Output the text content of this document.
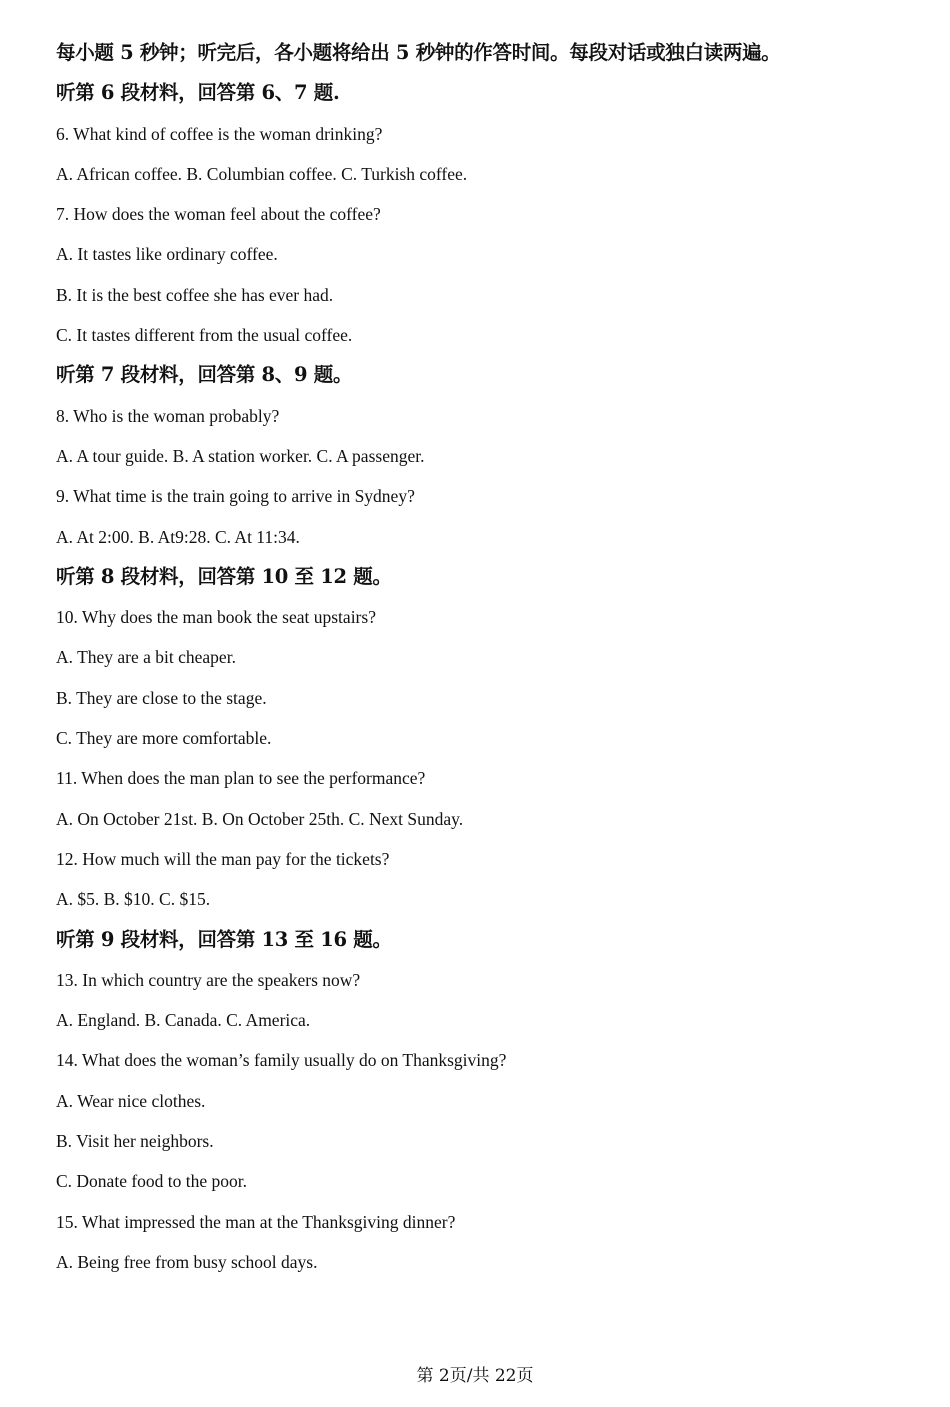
每小题 5 秒钟；听完后，各小题将给出 5 秒钟的作答时间。每段对话或独白读两遍。
听第 6 段材料，回答第 6、7 题.
6. What kind of coffee is the woman drinking?
A. African coffee. B. Columbian coffee. C. Turkish coffee.
7. How does the woman feel about the coffee?
A. It tastes like ordinary coffee.
B. It is the best coffee she has ever had.
C. It tastes different from the usual coffee.
听第 7 段材料，回答第 8、9 题。
8. Who is the woman probably?
A. A tour guide. B. A station worker. C. A passenger.
9. What time is the train going to arrive in Sydney?
A. At 2:00. B. At9:28. C. At 11:34.
听第 8 段材料，回答第 10 至 12 题。
10. Why does the man book the seat upstairs?
A. They are a bit cheaper.
B. They are close to the stage.
C. They are more comfortable.
11. When does the man plan to see the performance?
A. On October 21st. B. On October 25th. C. Next Sunday.
12. How much will the man pay for the tickets?
A. $5. B. $10. C. $15.
听第 9 段材料，回答第 13 至 16 题。
13. In which country are the speakers now?
A. England. B. Canada. C. America.
14. What does the woman’s family usually do on Thanksgiving?
A. Wear nice clothes.
B. Visit her neighbors.
C. Donate food to the poor.
15. What impressed the man at the Thanksgiving dinner?
A. Being free from busy school days.
第 2页/共 22页
